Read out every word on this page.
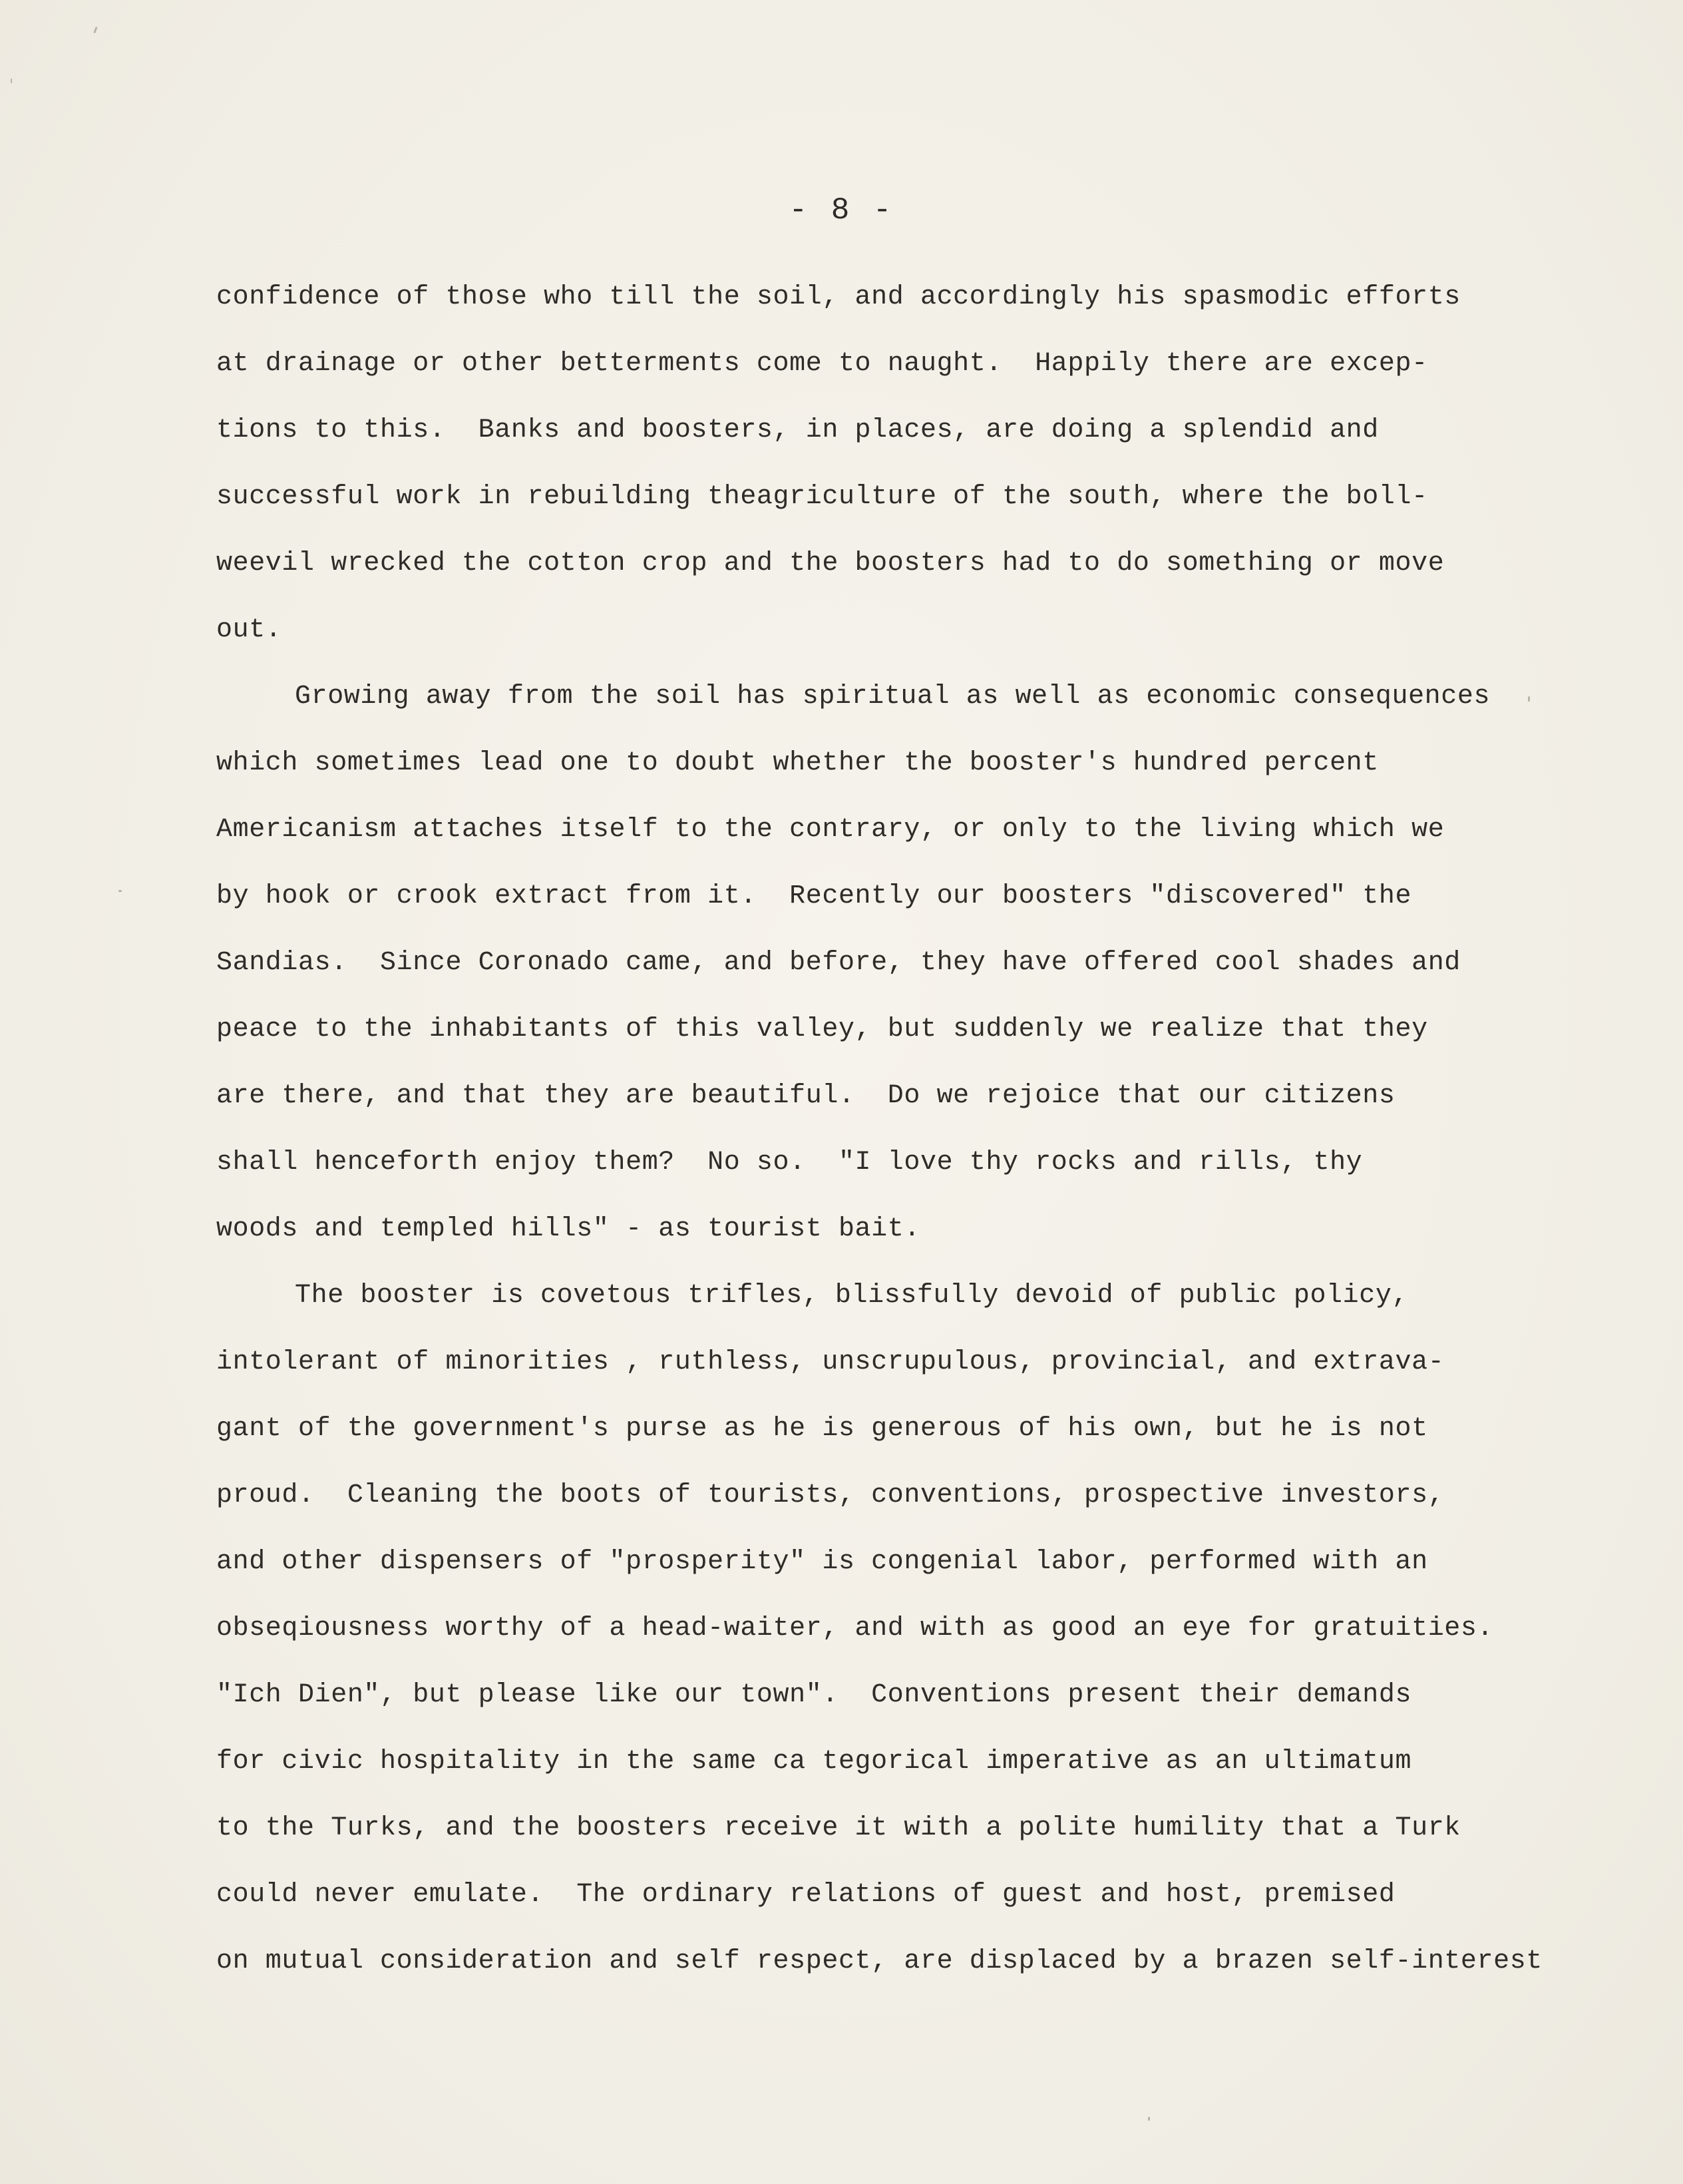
- 8 -
confidence of those who till the soil, and accordingly his spasmodic efforts
at drainage or other betterments come to naught.  Happily there are excep-
tions to this.  Banks and boosters, in places, are doing a splendid and
successful work in rebuilding theagriculture of the south, where the boll-
weevil wrecked the cotton crop and the boosters had to do something or move
out.
Growing away from the soil has spiritual as well as economic consequences
which sometimes lead one to doubt whether the booster's hundred percent
Americanism attaches itself to the contrary, or only to the living which we
by hook or crook extract from it.  Recently our boosters "discovered" the
Sandias.  Since Coronado came, and before, they have offered cool shades and
peace to the inhabitants of this valley, but suddenly we realize that they
are there, and that they are beautiful.  Do we rejoice that our citizens
shall henceforth enjoy them?  No so.  "I love thy rocks and rills, thy
woods and templed hills" - as tourist bait.
The booster is covetous trifles, blissfully devoid of public policy,
intolerant of minorities , ruthless, unscrupulous, provincial, and extrava-
gant of the government's purse as he is generous of his own, but he is not
proud.  Cleaning the boots of tourists, conventions, prospective investors,
and other dispensers of "prosperity" is congenial labor, performed with an
obseqiousness worthy of a head-waiter, and with as good an eye for gratuities.
"Ich Dien", but please like our town".  Conventions present their demands
for civic hospitality in the same ca tegorical imperative as an ultimatum
to the Turks, and the boosters receive it with a polite humility that a Turk
could never emulate.  The ordinary relations of guest and host, premised
on mutual consideration and self respect, are displaced by a brazen self-interest
